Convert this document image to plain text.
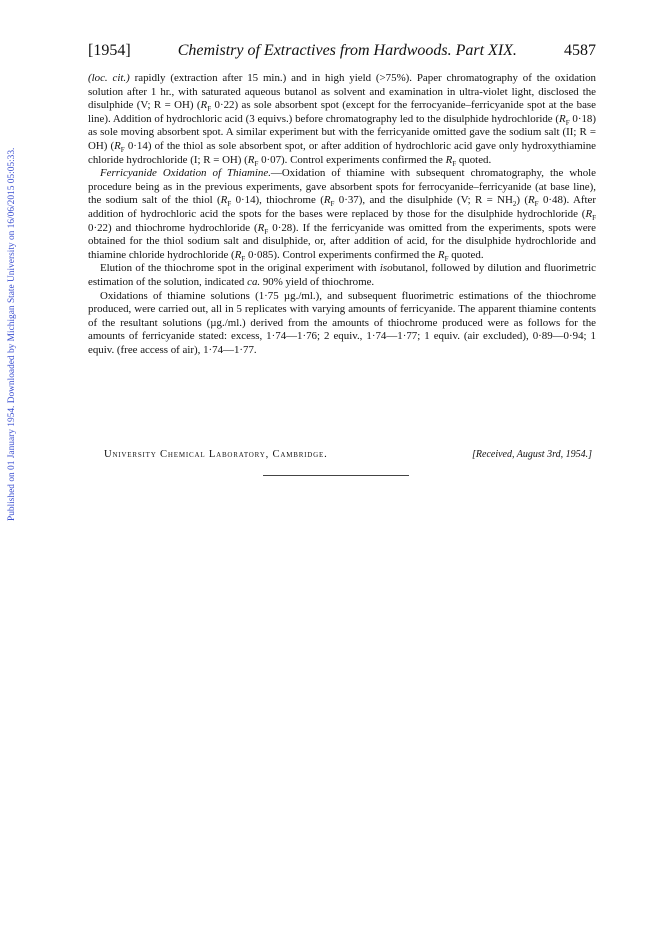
Published on 01 January 1954. Downloaded by Michigan State University on 16/06/2015 05:05:33.
[1954]	Chemistry of Extractives from Hardwoods. Part XIX.	4587

(loc. cit.) rapidly (extraction after 15 min.) and in high yield (>75%). Paper chromatography of the oxidation solution after 1 hr., with saturated aqueous butanol as solvent and examination in ultra-violet light, disclosed the disulphide (V; R = OH) ($R_F$ 0·22) as sole absorbent spot (except for the ferrocyanide–ferricyanide spot at the base line). Addition of hydrochloric acid (3 equivs.) before chromatography led to the disulphide hydrochloride ($R_F$ 0·18) as sole moving absorbent spot. A similar experiment but with the ferricyanide omitted gave the sodium salt (II; R = OH) ($R_F$ 0·14) of the thiol as sole absorbent spot, or after addition of hydrochloric acid gave only hydroxythiamine chloride hydrochloride (I; R = OH) ($R_F$ 0·07). Control experiments confirmed the $R_F$ quoted.

Ferricyanide Oxidation of Thiamine.—Oxidation of thiamine with subsequent chromatography, the whole procedure being as in the previous experiments, gave absorbent spots for ferrocyanide–ferricyanide (at base line), the sodium salt of the thiol ($R_F$ 0·14), thiochrome ($R_F$ 0·37), and the disulphide (V; $R = NH_2$) ($R_F$ 0·48). After addition of hydrochloric acid the spots for the bases were replaced by those for the disulphide hydrochloride ($R_F$ 0·22) and thiochrome hydrochloride ($R_F$ 0·28). If the ferricyanide was omitted from the experiments, spots were obtained for the thiol sodium salt and disulphide, or, after addition of acid, for the disulphide hydrochloride and thiamine chloride hydrochloride ($R_F$ 0·085). Control experiments confirmed the $R_F$ quoted.

Elution of the thiochrome spot in the original experiment with isobutanol, followed by dilution and fluorimetric estimation of the solution, indicated ca. 90% yield of thiochrome.

Oxidations of thiamine solutions (1·75 µg./ml.), and subsequent fluorimetric estimations of the thiochrome produced, were carried out, all in 5 replicates with varying amounts of ferricyanide. The apparent thiamine contents of the resultant solutions (µg./ml.) derived from the amounts of thiochrome produced were as follows for the amounts of ferricyanide stated: excess, 1·74—1·76; 2 equiv., 1·74—1·77; 1 equiv. (air excluded), 0·89—0·94; 1 equiv. (free access of air), 1·74—1·77.

University Chemical Laboratory, Cambridge.	[Received, August 3rd, 1954.]
